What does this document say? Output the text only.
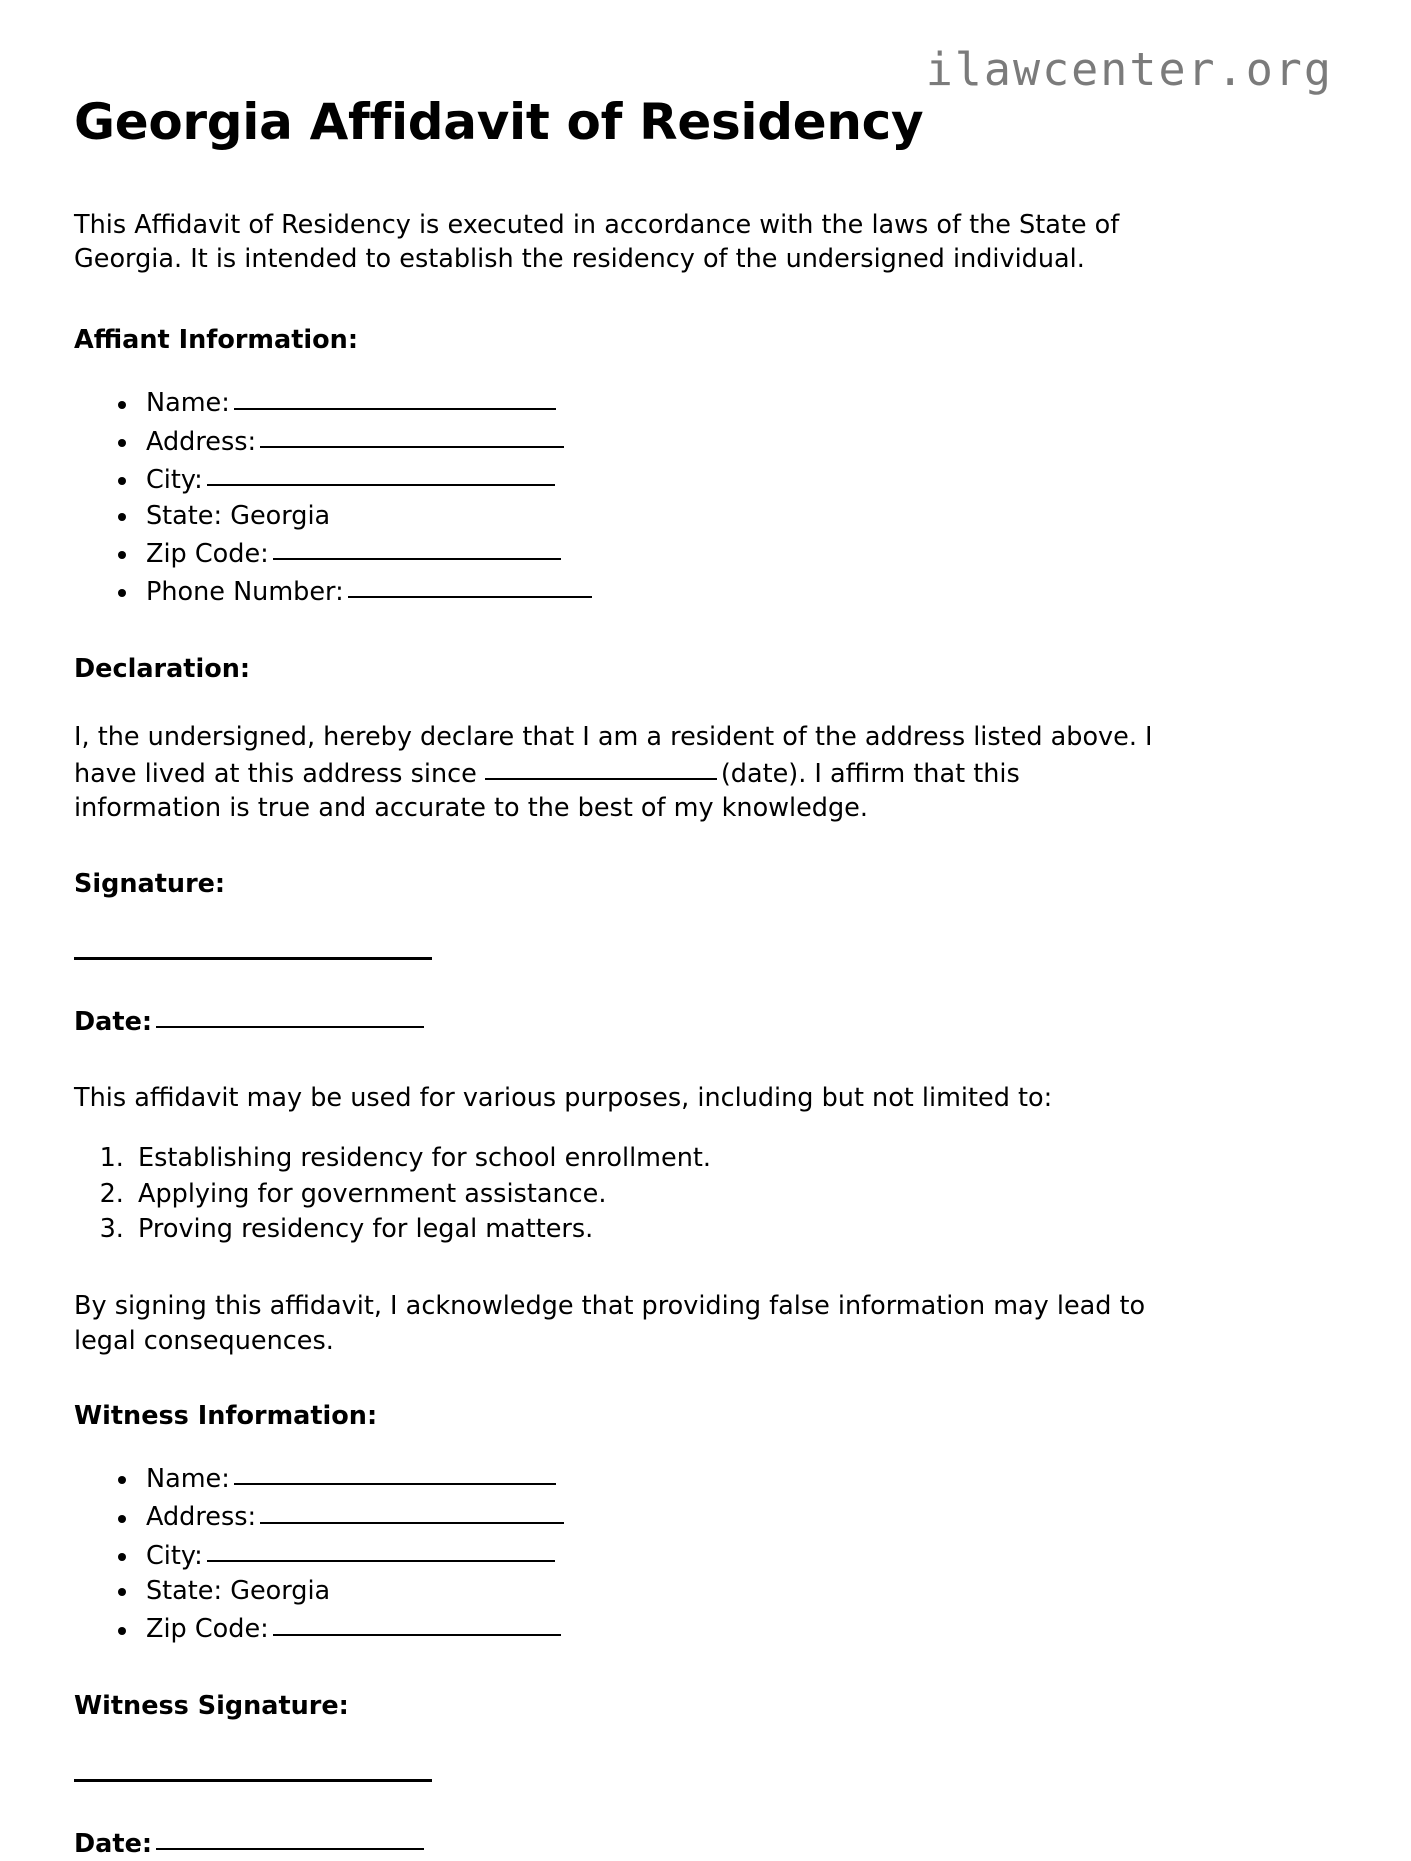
ilawcenter.org
Georgia Affidavit of Residency

This Affidavit of Residency is executed in accordance with the laws of the State of Georgia. It is intended to establish the residency of the undersigned individual.

Affiant Information:
• Name:
• Address:
• City:
• State: Georgia
• Zip Code:
• Phone Number:
Declaration:

I, the undersigned, hereby declare that I am a resident of the address listed above. I have lived at this address since	(date). I affirm that this information is true and accurate to the best of my knowledge.

Signature:
Date:

This affidavit may be used for various purposes, including but not limited to:

1. Establishing residency for school enrollment.
2. Applying for government assistance.
3. Proving residency for legal matters.

By signing this affidavit, I acknowledge that providing false information may lead to legal consequences.

Witness Information:
• Name:
• Address:
• City:
• State: Georgia
• Zip Code:
Witness Signature:
Date:
